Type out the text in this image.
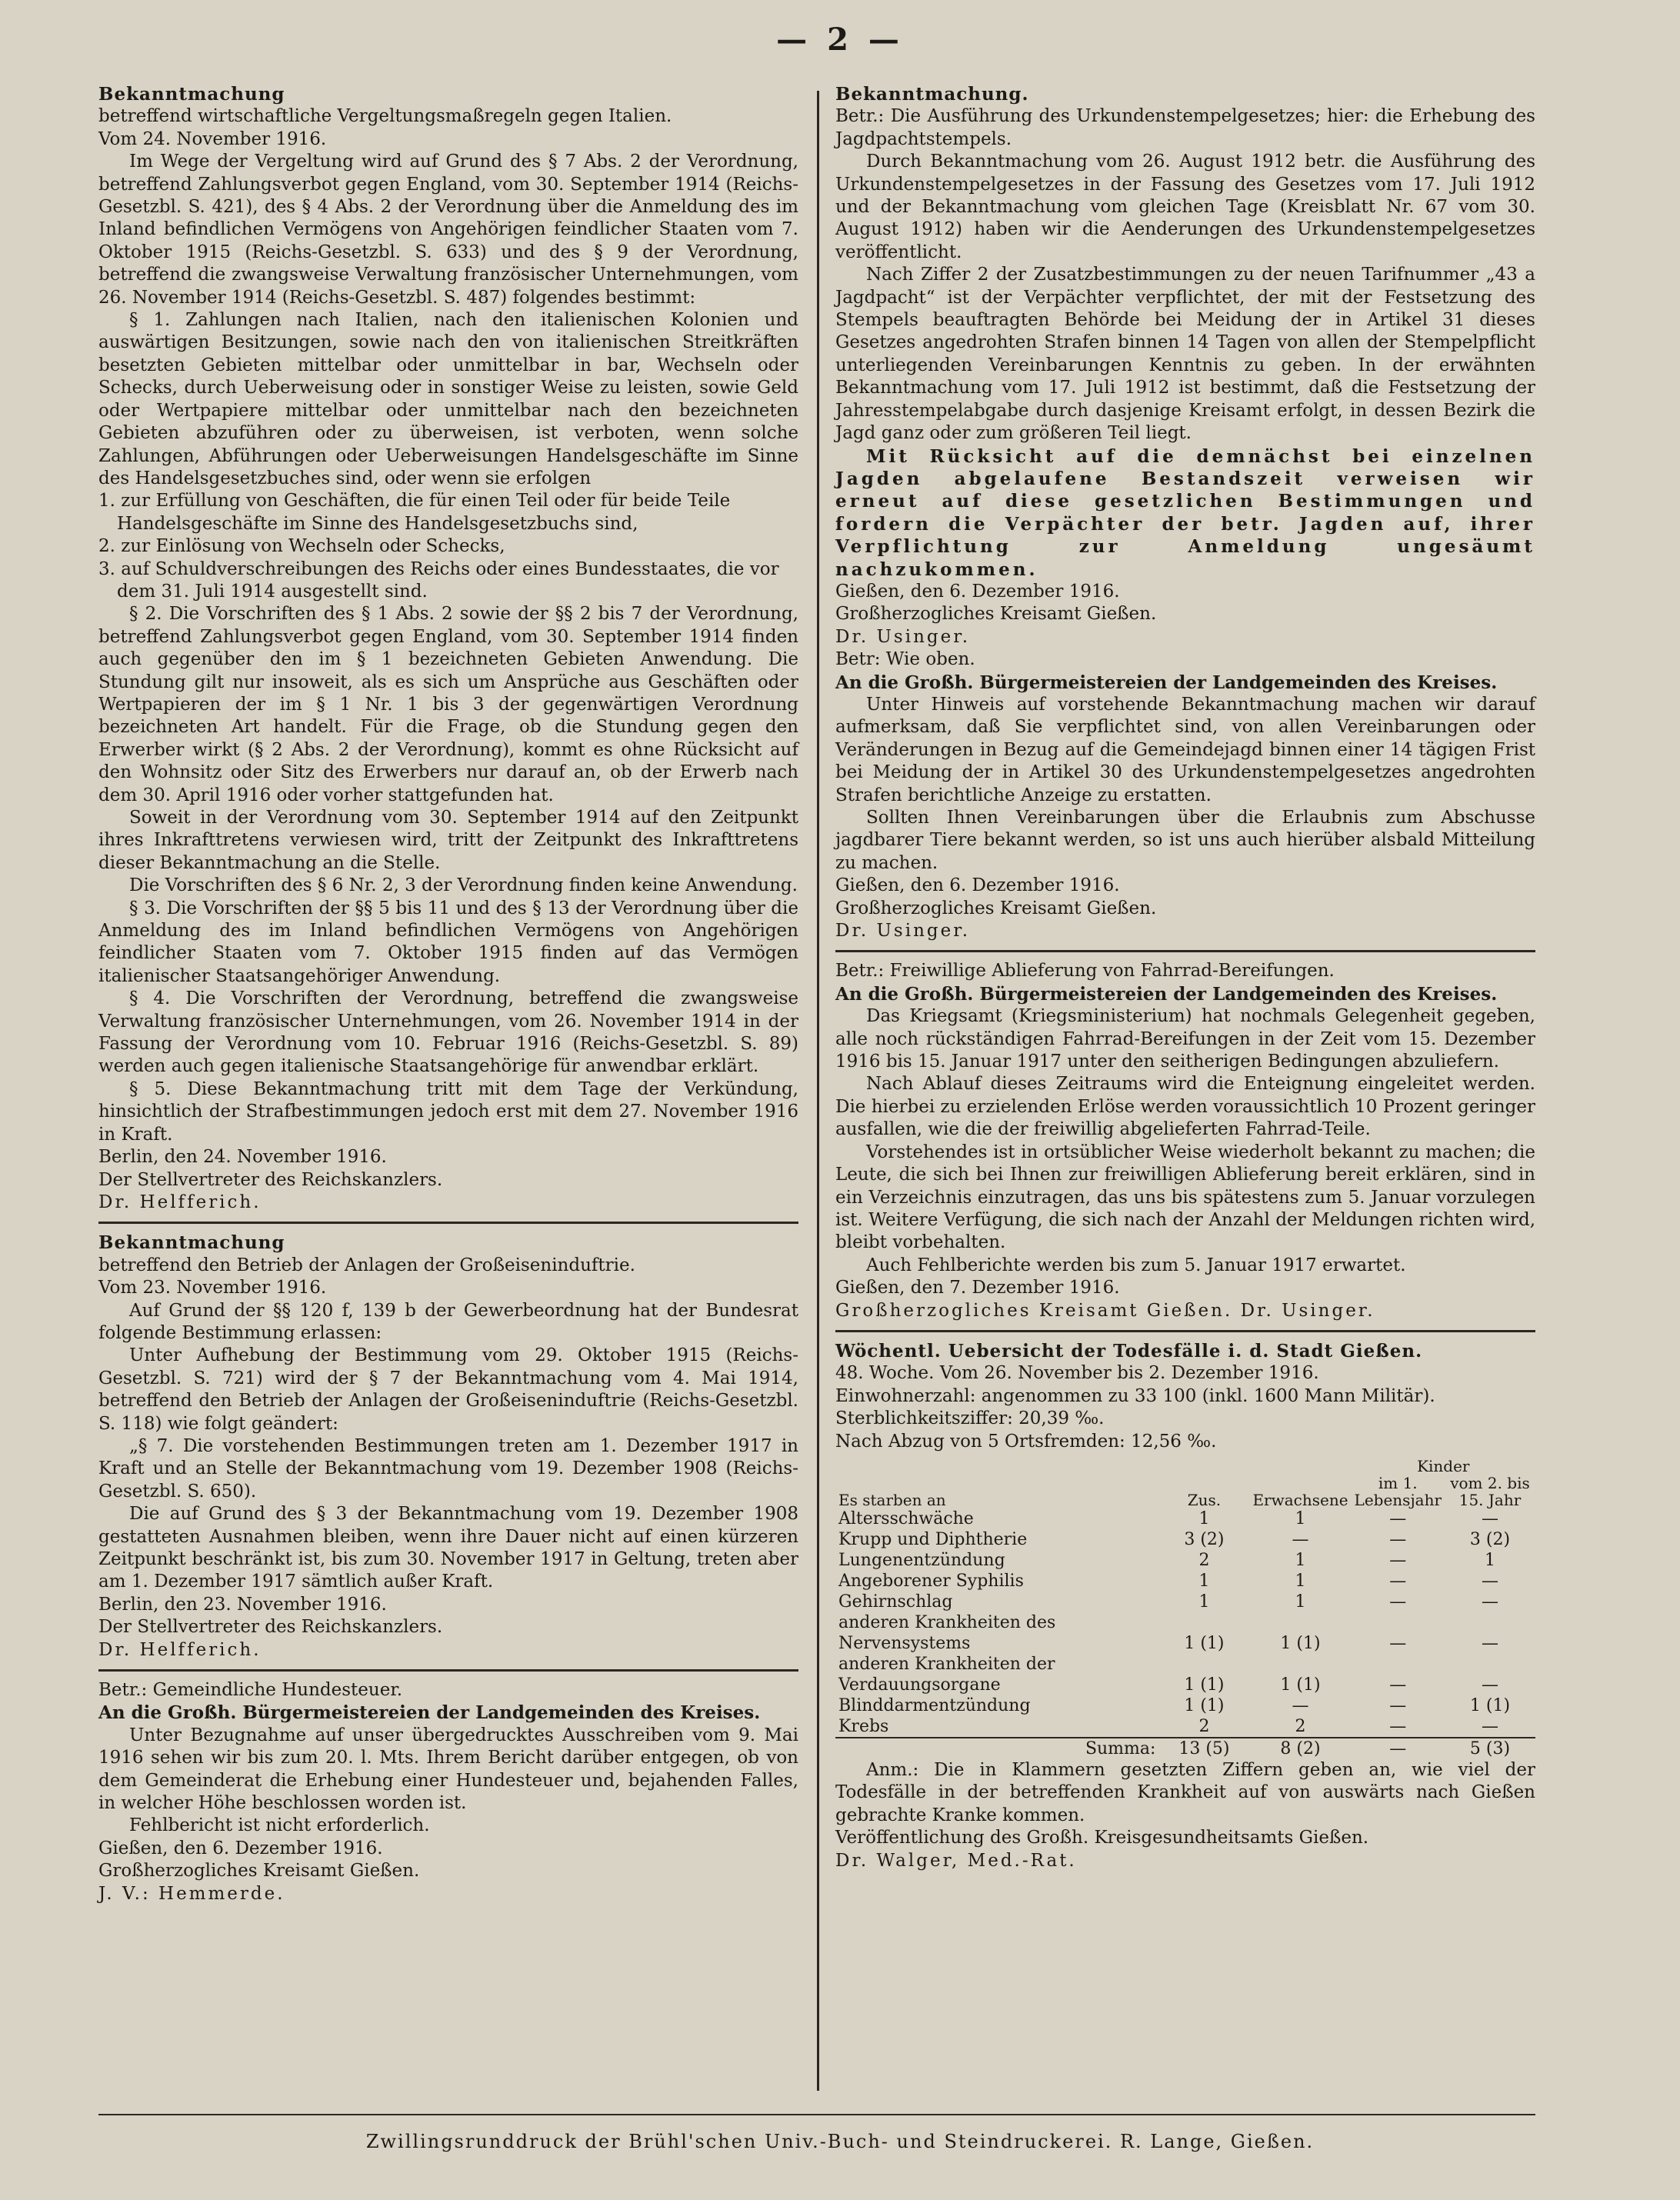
— 2 —

Bekanntmachung

betreffend wirtschaftliche Vergeltungsmaßregeln gegen Italien.

Vom 24. November 1916.

Im Wege der Vergeltung wird auf Grund des § 7 Abs. 2 der Verordnung, betreffend Zahlungsverbot gegen England, vom 30. September 1914 (Reichs-Gesetzbl. S. 421), des § 4 Abs. 2 der Verordnung über die Anmeldung des im Inland befindlichen Vermögens von Angehörigen feindlicher Staaten vom 7. Oktober 1915 (Reichs-Gesetzbl. S. 633) und des § 9 der Verordnung, betreffend die zwangsweise Verwaltung französischer Unternehmungen, vom 26. November 1914 (Reichs-Gesetzbl. S. 487) folgendes bestimmt:

§ 1. Zahlungen nach Italien, nach den italienischen Kolonien und auswärtigen Besitzungen, sowie nach den von italienischen Streitkräften besetzten Gebieten mittelbar oder unmittelbar in bar, Wechseln oder Schecks, durch Ueberweisung oder in sonstiger Weise zu leisten, sowie Geld oder Wertpapiere mittelbar oder unmittelbar nach den bezeichneten Gebieten abzuführen oder zu überweisen, ist verboten, wenn solche Zahlungen, Abführungen oder Ueberweisungen Handelsgeschäfte im Sinne des Handelsgesetzbuches sind, oder wenn sie erfolgen

1. zur Erfüllung von Geschäften, die für einen Teil oder für beide Teile Handelsgeschäfte im Sinne des Handelsgesetzbuchs sind,
2. zur Einlösung von Wechseln oder Schecks,
3. auf Schuldverschreibungen des Reichs oder eines Bundesstaates, die vor dem 31. Juli 1914 ausgestellt sind.

§ 2. Die Vorschriften des § 1 Abs. 2 sowie der §§ 2 bis 7 der Verordnung, betreffend Zahlungsverbot gegen England, vom 30. September 1914 finden auch gegenüber den im § 1 bezeichneten Gebieten Anwendung. Die Stundung gilt nur insoweit, als es sich um Ansprüche aus Geschäften oder Wertpapieren der im § 1 Nr. 1 bis 3 der gegenwärtigen Verordnung bezeichneten Art handelt. Für die Frage, ob die Stundung gegen den Erwerber wirkt (§ 2 Abs. 2 der Verordnung), kommt es ohne Rücksicht auf den Wohnsitz oder Sitz des Erwerbers nur darauf an, ob der Erwerb nach dem 30. April 1916 oder vorher stattgefunden hat.

Soweit in der Verordnung vom 30. September 1914 auf den Zeitpunkt ihres Inkrafttretens verwiesen wird, tritt der Zeitpunkt des Inkrafttretens dieser Bekanntmachung an die Stelle.

Die Vorschriften des § 6 Nr. 2, 3 der Verordnung finden keine Anwendung.

§ 3. Die Vorschriften der §§ 5 bis 11 und des § 13 der Verordnung über die Anmeldung des im Inland befindlichen Vermögens von Angehörigen feindlicher Staaten vom 7. Oktober 1915 finden auf das Vermögen italienischer Staatsangehöriger Anwendung.

§ 4. Die Vorschriften der Verordnung, betreffend die zwangsweise Verwaltung französischer Unternehmungen, vom 26. November 1914 in der Fassung der Verordnung vom 10. Februar 1916 (Reichs-Gesetzbl. S. 89) werden auch gegen italienische Staatsangehörige für anwendbar erklärt.

§ 5. Diese Bekanntmachung tritt mit dem Tage der Verkündung, hinsichtlich der Strafbestimmungen jedoch erst mit dem 27. November 1916 in Kraft.

Berlin, den 24. November 1916.

Der Stellvertreter des Reichskanzlers.

Dr. Helfferich.

Bekanntmachung

betreffend den Betrieb der Anlagen der Großeiseninduftrie.

Vom 23. November 1916.

Auf Grund der §§ 120 f, 139 b der Gewerbeordnung hat der Bundesrat folgende Bestimmung erlassen:

Unter Aufhebung der Bestimmung vom 29. Oktober 1915 (Reichs-Gesetzbl. S. 721) wird der § 7 der Bekanntmachung vom 4. Mai 1914, betreffend den Betrieb der Anlagen der Großeiseninduftrie (Reichs-Gesetzbl. S. 118) wie folgt geändert:

„§ 7. Die vorstehenden Bestimmungen treten am 1. Dezember 1917 in Kraft und an Stelle der Bekanntmachung vom 19. Dezember 1908 (Reichs-Gesetzbl. S. 650).

Die auf Grund des § 3 der Bekanntmachung vom 19. Dezember 1908 gestatteten Ausnahmen bleiben, wenn ihre Dauer nicht auf einen kürzeren Zeitpunkt beschränkt ist, bis zum 30. November 1917 in Geltung, treten aber am 1. Dezember 1917 sämtlich außer Kraft.

Berlin, den 23. November 1916.

Der Stellvertreter des Reichskanzlers.

Dr. Helfferich.

Betr.: Gemeindliche Hundesteuer.

An die Großh. Bürgermeistereien der Landgemeinden des Kreises.

Unter Bezugnahme auf unser übergedrucktes Ausschreiben vom 9. Mai 1916 sehen wir bis zum 20. l. Mts. Ihrem Bericht darüber entgegen, ob von dem Gemeinderat die Erhebung einer Hundesteuer und, bejahenden Falles, in welcher Höhe beschlossen worden ist.

Fehlbericht ist nicht erforderlich.

Gießen, den 6. Dezember 1916.

Großherzogliches Kreisamt Gießen.

J. V.: Hemmerde.

Bekanntmachung.

Betr.: Die Ausführung des Urkundenstempelgesetzes; hier: die Erhebung des Jagdpachtstempels.

Durch Bekanntmachung vom 26. August 1912 betr. die Ausführung des Urkundenstempelgesetzes in der Fassung des Gesetzes vom 17. Juli 1912 und der Bekanntmachung vom gleichen Tage (Kreisblatt Nr. 67 vom 30. August 1912) haben wir die Aenderungen des Urkundenstempelgesetzes veröffentlicht.

Nach Ziffer 2 der Zusatzbestimmungen zu der neuen Tarifnummer „43 a Jagdpacht“ ist der Verpächter verpflichtet, der mit der Festsetzung des Stempels beauftragten Behörde bei Meidung der in Artikel 31 dieses Gesetzes angedrohten Strafen binnen 14 Tagen von allen der Stempelpflicht unterliegenden Vereinbarungen Kenntnis zu geben. In der erwähnten Bekanntmachung vom 17. Juli 1912 ist bestimmt, daß die Festsetzung der Jahresstempelabgabe durch dasjenige Kreisamt erfolgt, in dessen Bezirk die Jagd ganz oder zum größeren Teil liegt.

Mit Rücksicht auf die demnächst bei einzelnen Jagden abgelaufene Bestandszeit verweisen wir erneut auf diese gesetzlichen Bestimmungen und fordern die Verpächter der betr. Jagden auf, ihrer Verpflichtung zur Anmeldung ungesäumt nachzukommen.

Gießen, den 6. Dezember 1916.

Großherzogliches Kreisamt Gießen.

Dr. Usinger.

Betr: Wie oben.

An die Großh. Bürgermeistereien der Landgemeinden des Kreises.

Unter Hinweis auf vorstehende Bekanntmachung machen wir darauf aufmerksam, daß Sie verpflichtet sind, von allen Vereinbarungen oder Veränderungen in Bezug auf die Gemeindejagd binnen einer 14 tägigen Frist bei Meidung der in Artikel 30 des Urkundenstempelgesetzes angedrohten Strafen berichtliche Anzeige zu erstatten.

Sollten Ihnen Vereinbarungen über die Erlaubnis zum Abschusse jagdbarer Tiere bekannt werden, so ist uns auch hierüber alsbald Mitteilung zu machen.

Gießen, den 6. Dezember 1916.

Großherzogliches Kreisamt Gießen.

Dr. Usinger.

Betr.: Freiwillige Ablieferung von Fahrrad-Bereifungen.

An die Großh. Bürgermeistereien der Landgemeinden des Kreises.

Das Kriegsamt (Kriegsministerium) hat nochmals Gelegenheit gegeben, alle noch rückständigen Fahrrad-Bereifungen in der Zeit vom 15. Dezember 1916 bis 15. Januar 1917 unter den seitherigen Bedingungen abzuliefern.

Nach Ablauf dieses Zeitraums wird die Enteignung eingeleitet werden. Die hierbei zu erzielenden Erlöse werden voraussichtlich 10 Prozent geringer ausfallen, wie die der freiwillig abgelieferten Fahrrad-Teile.

Vorstehendes ist in ortsüblicher Weise wiederholt bekannt zu machen; die Leute, die sich bei Ihnen zur freiwilligen Ablieferung bereit erklären, sind in ein Verzeichnis einzutragen, das uns bis spätestens zum 5. Januar vorzulegen ist. Weitere Verfügung, die sich nach der Anzahl der Meldungen richten wird, bleibt vorbehalten.

Auch Fehlberichte werden bis zum 5. Januar 1917 erwartet.

Gießen, den 7. Dezember 1916.

Großherzogliches Kreisamt Gießen. Dr. Usinger.

Wöchentl. Uebersicht der Todesfälle i. d. Stadt Gießen.

48. Woche. Vom 26. November bis 2. Dezember 1916.

Einwohnerzahl: angenommen zu 33 100 (inkl. 1600 Mann Militär).

Sterblichkeitsziffer: 20,39 ‰.

Nach Abzug von 5 Ortsfremden: 12,56 ‰.

Es starben an	Zus.	Erwachsene	Kinder	
			im 1. Lebensjahr	vom 2. bis 15. Jahr
Altersschwäche	1	1	—	—
Krupp und Diphtherie	3 (2)	—	—	3 (2)
Lungenentzündung	2	1	—	1
Angeborener Syphilis	1	1	—	—
Gehirnschlag	1	1	—	—
anderen Krankheiten des Nervensystems	1 (1)	1 (1)	—	—
anderen Krankheiten der Verdauungsorgane	1 (1)	1 (1)	—	—
Blinddarmentzündung	1 (1)	—	—	1 (1)
Krebs	2	2	—	—
Summa:	13 (5)	8 (2)	—	5 (3)

Anm.: Die in Klammern gesetzten Ziffern geben an, wie viel der Todesfälle in der betreffenden Krankheit auf von auswärts nach Gießen gebrachte Kranke kommen.

Veröffentlichung des Großh. Kreisgesundheitsamts Gießen.

Dr. Walger, Med.-Rat.

Zwillingsrunddruck der Brühl'schen Univ.-Buch- und Steindruckerei. R. Lange, Gießen.
